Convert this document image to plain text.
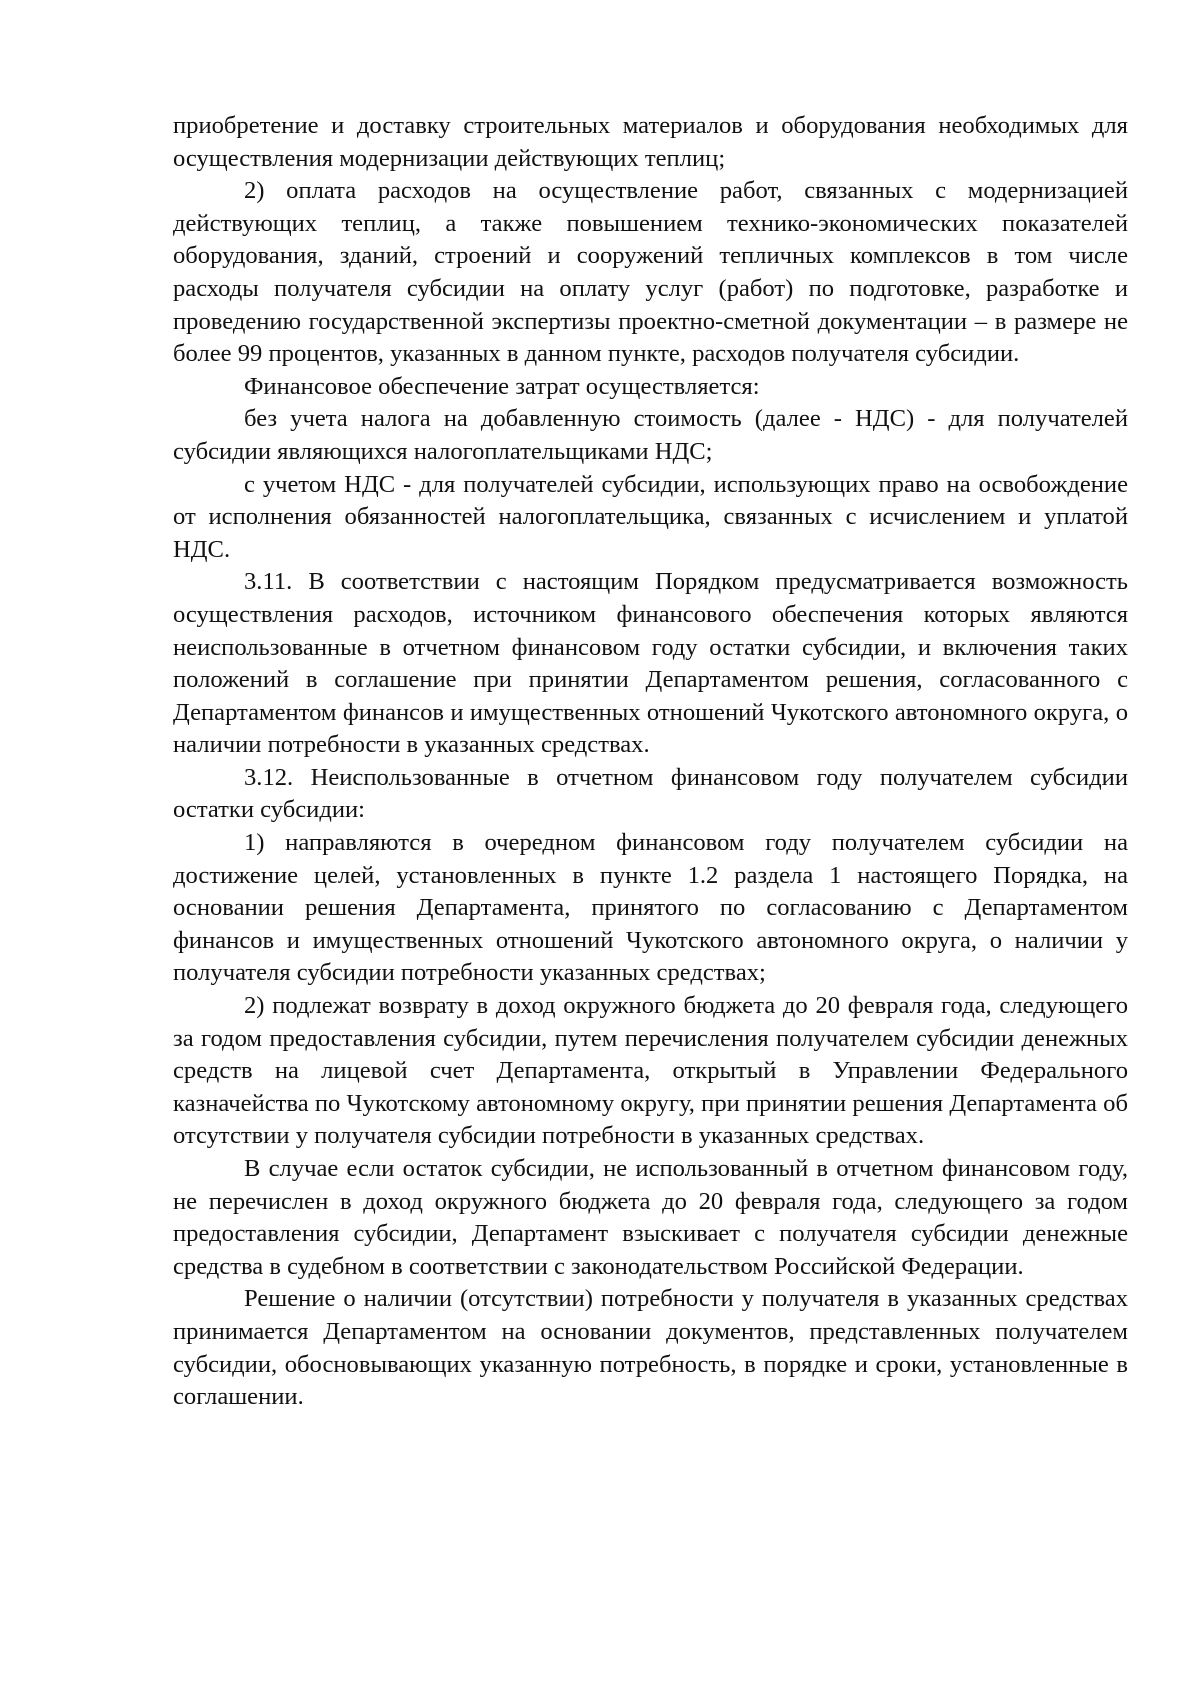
приобретение и доставку строительных материалов и оборудования необходимых для осуществления модернизации действующих теплиц;

2) оплата расходов на осуществление работ, связанных с модернизацией действующих теплиц, а также повышением технико-экономических показателей оборудования, зданий, строений и сооружений тепличных комплексов в том числе расходы получателя субсидии на оплату услуг (работ) по подготовке, разработке и проведению государственной экспертизы проектно-сметной документации – в размере не более 99 процентов, указанных в данном пункте, расходов получателя субсидии.

Финансовое обеспечение затрат осуществляется:

без учета налога на добавленную стоимость (далее - НДС) - для получателей субсидии являющихся налогоплательщиками НДС;

с учетом НДС - для получателей субсидии, использующих право на освобождение от исполнения обязанностей налогоплательщика, связанных с исчислением и уплатой НДС.

3.11. В соответствии с настоящим Порядком предусматривается возможность осуществления расходов, источником финансового обеспечения которых являются неиспользованные в отчетном финансовом году остатки субсидии, и включения таких положений в соглашение при принятии Департаментом решения, согласованного с Департаментом финансов и имущественных отношений Чукотского автономного округа, о наличии потребности в указанных средствах.

3.12. Неиспользованные в отчетном финансовом году получателем субсидии остатки субсидии:

1) направляются в очередном финансовом году получателем субсидии на достижение целей, установленных в пункте 1.2 раздела 1 настоящего Порядка, на основании решения Департамента, принятого по согласованию с Департаментом финансов и имущественных отношений Чукотского автономного округа, о наличии у получателя субсидии потребности указанных средствах;

2) подлежат возврату в доход окружного бюджета до 20 февраля года, следующего за годом предоставления субсидии, путем перечисления получателем субсидии денежных средств на лицевой счет Департамента, открытый в Управлении Федерального казначейства по Чукотскому автономному округу, при принятии решения Департамента об отсутствии у получателя субсидии потребности в указанных средствах.

В случае если остаток субсидии, не использованный в отчетном финансовом году, не перечислен в доход окружного бюджета до 20 февраля года, следующего за годом предоставления субсидии, Департамент взыскивает с получателя субсидии денежные средства в судебном в соответствии с законодательством Российской Федерации.

Решение о наличии (отсутствии) потребности у получателя в указанных средствах принимается Департаментом на основании документов, представленных получателем субсидии, обосновывающих указанную потребность, в порядке и сроки, установленные в соглашении.
